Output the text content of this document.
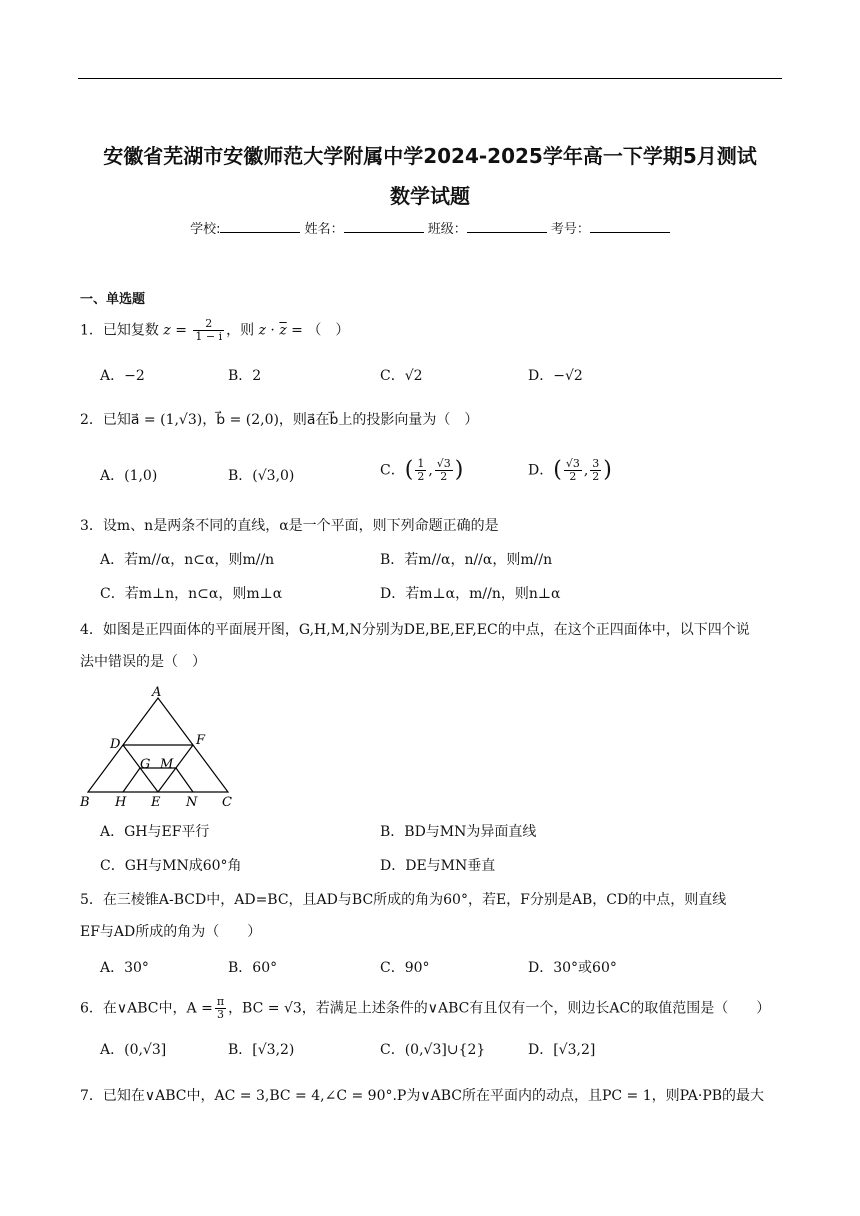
安徽省芜湖市安徽师范大学附属中学2024-2025学年高一下学期5月测试
数学试题
学校:	姓名：	班级：	考号：
一、单选题
1．已知复数 $z = \frac{2}{1 - i}$ ，则 $z \cdot \overline{z}$ = （　）
A．−2	B．2	C．√2	D．−√2
2．已知a⃗ = (1,√3)，b⃗ = (2,0)，则a⃗在b⃗上的投影向量为（　）
A．(1,0)	B．(√3,0)	C．( $\frac{1}{2}$ , $\frac{√3}{2}$ )	D．( $\frac{√3}{2}$ , $\frac{3}{2}$ )
3．设m、n是两条不同的直线，α是一个平面，则下列命题正确的是
A．若m//α，n⊂α，则m//n	B．若m//α，n//α，则m//n
C．若m⊥n，n⊂α，则m⊥α	D．若m⊥α，m//n，则n⊥α
4．如图是正四面体的平面展开图，G,H,M,N分别为DE,BE,EF,EC的中点，在这个正四面体中，以下四个说
法中错误的是（　）
A
D	F
G M
B H E N C
A．GH与EF平行	B．BD与MN为异面直线
C．GH与MN成60°角	D．DE与MN垂直
5．在三棱锥A-BCD中，AD=BC，且AD与BC所成的角为60°，若E，F分别是AB，CD的中点，则直线
EF与AD所成的角为（　　）
A．30°	B．60°	C．90°	D．30°或60°
6．在∨ABC中，$A = \frac{\pi}{3}$ ，BC = √3，若满足上述条件的∨ABC有且仅有一个，则边长AC的取值范围是（　　）
A．(0,√3]	B．[√3,2)	C．(0,√3]∪{2}	D．[√3,2]
7．已知在∨ABC中，AC = 3,BC = 4,∠C = 90°.P为∨ABC所在平面内的动点，且PC = 1，则PA·PB的最大
